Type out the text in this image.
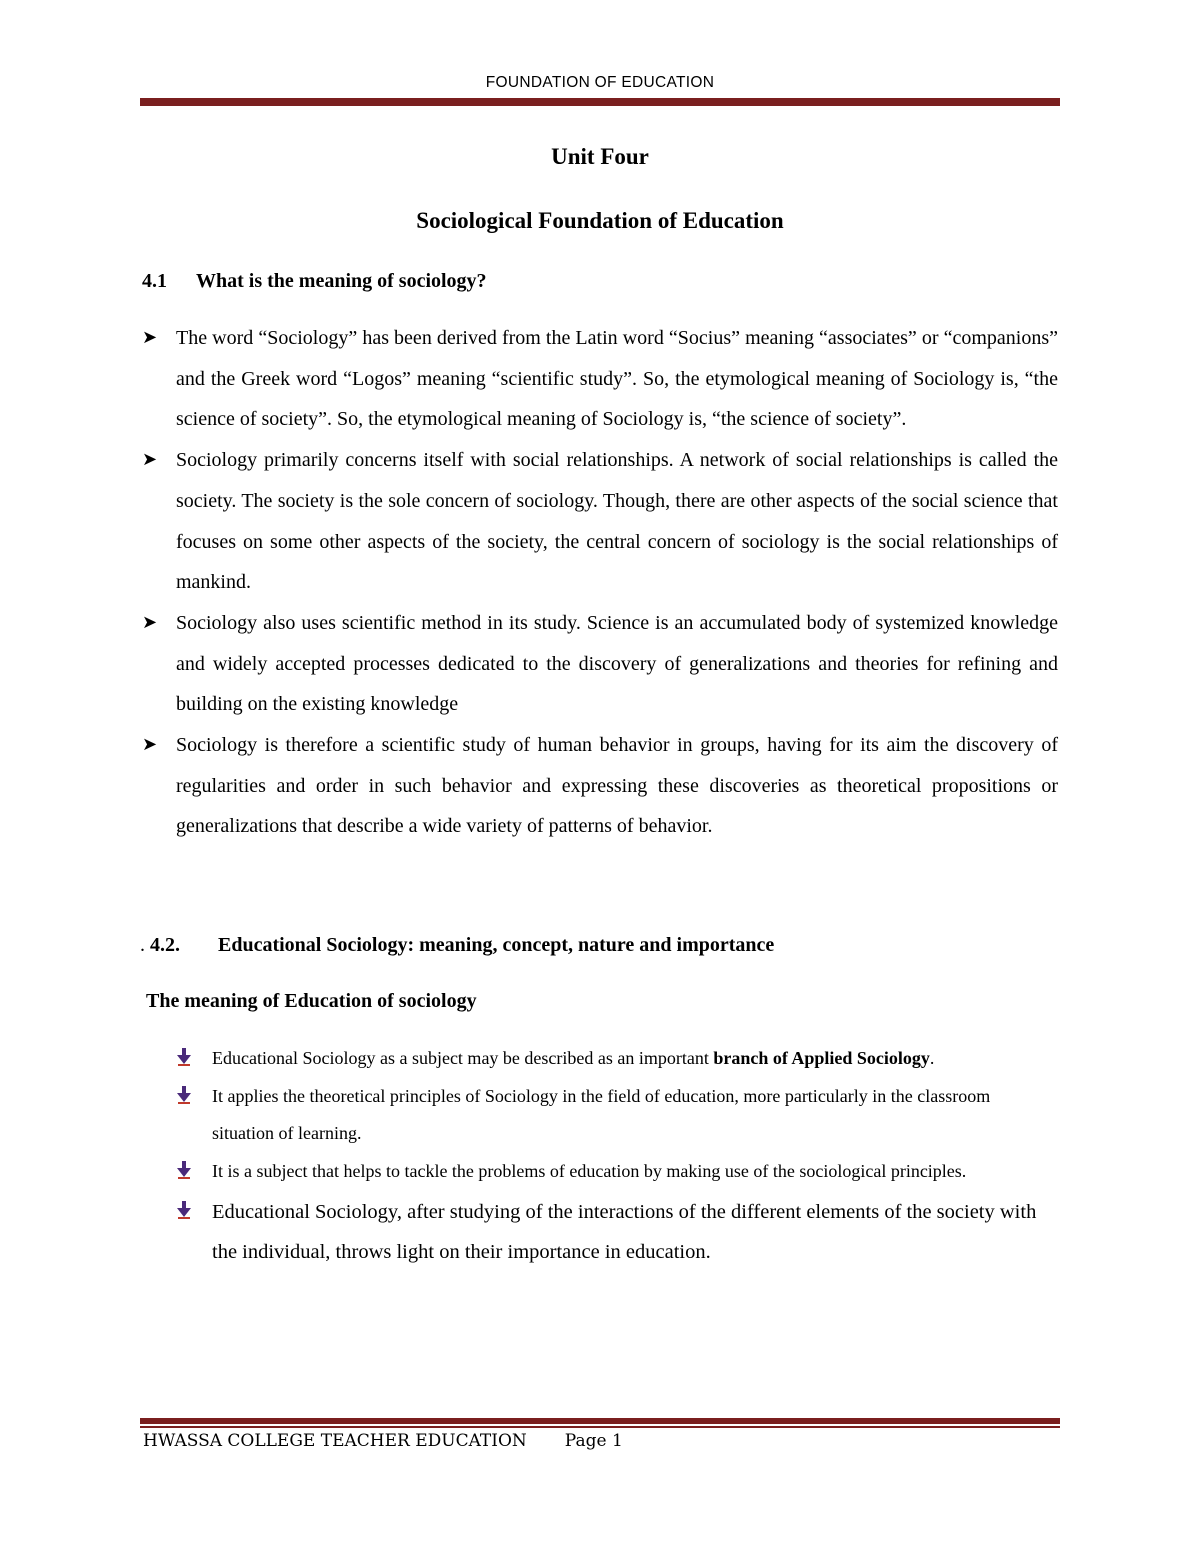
FOUNDATION OF EDUCATION
Unit Four
Sociological Foundation of Education
4.1 What is the meaning of sociology?
➤ The word “Sociology” has been derived from the Latin word “Socius” meaning “associates” or “companions” and the Greek word “Logos” meaning “scientific study”. So, the etymological meaning of Sociology is, “the science of society”. So, the etymological meaning of Sociology is, “the science of society”.
➤ Sociology primarily concerns itself with social relationships. A network of social relationships is called the society. The society is the sole concern of sociology. Though, there are other aspects of the social science that focuses on some other aspects of the society, the central concern of sociology is the social relationships of mankind.
➤ Sociology also uses scientific method in its study. Science is an accumulated body of systemized knowledge and widely accepted processes dedicated to the discovery of generalizations and theories for refining and building on the existing knowledge
➤ Sociology is therefore a scientific study of human behavior in groups, having for its aim the discovery of regularities and order in such behavior and expressing these discoveries as theoretical propositions or generalizations that describe a wide variety of patterns of behavior.
. 4.2. Educational Sociology: meaning, concept, nature and importance
The meaning of Education of sociology
Educational Sociology as a subject may be described as an important branch of Applied Sociology.
It applies the theoretical principles of Sociology in the field of education, more particularly in the classroom situation of learning.
It is a subject that helps to tackle the problems of education by making use of the sociological principles.
Educational Sociology, after studying of the interactions of the different elements of the society with the individual, throws light on their importance in education.
HWASSA COLLEGE TEACHER EDUCATION Page 1
